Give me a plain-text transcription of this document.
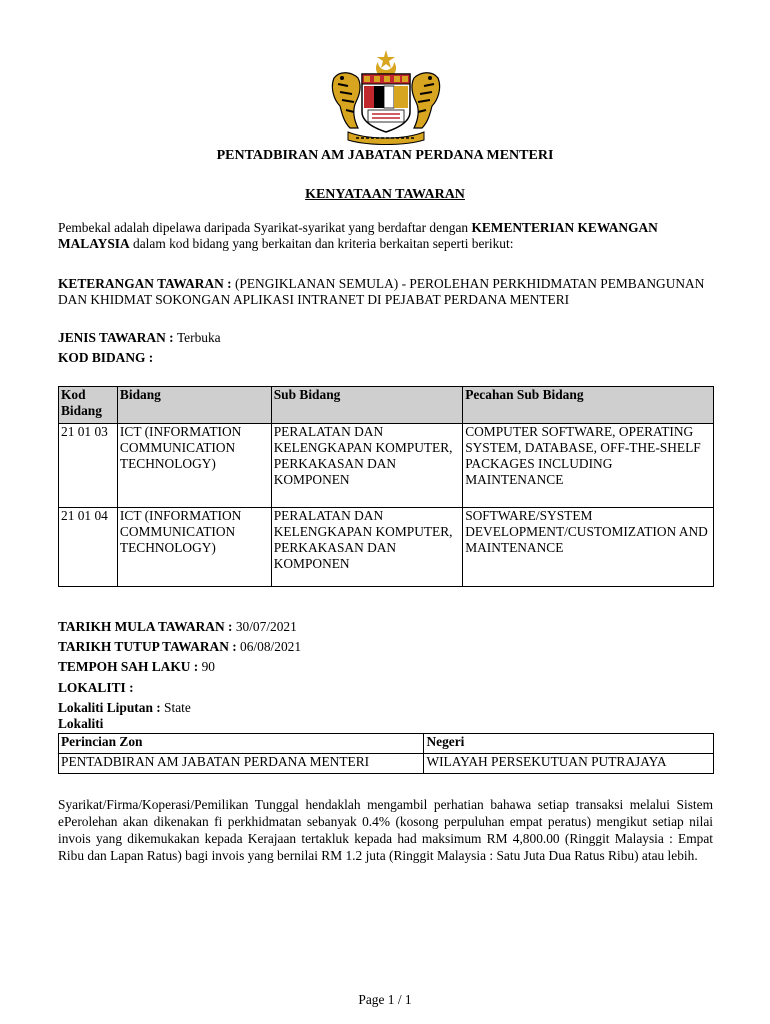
PENTADBIRAN AM JABATAN PERDANA MENTERI
KENYATAAN TAWARAN
Pembekal adalah dipelawa daripada Syarikat-syarikat yang berdaftar dengan KEMENTERIAN KEWANGAN MALAYSIA dalam kod bidang yang berkaitan dan kriteria berkaitan seperti berikut:
KETERANGAN TAWARAN : (PENGIKLANAN SEMULA) - PEROLEHAN PERKHIDMATAN PEMBANGUNAN DAN KHIDMAT SOKONGAN APLIKASI INTRANET DI PEJABAT PERDANA MENTERI
JENIS TAWARAN : Terbuka
KOD BIDANG :
Kod Bidang	Bidang	Sub Bidang	Pecahan Sub Bidang
21 01 03	ICT (INFORMATION COMMUNICATION TECHNOLOGY)	PERALATAN DAN KELENGKAPAN KOMPUTER, PERKAKASAN DAN KOMPONEN	COMPUTER SOFTWARE, OPERATING SYSTEM, DATABASE, OFF-THE-SHELF PACKAGES INCLUDING MAINTENANCE
21 01 04	ICT (INFORMATION COMMUNICATION TECHNOLOGY)	PERALATAN DAN KELENGKAPAN KOMPUTER, PERKAKASAN DAN KOMPONEN	SOFTWARE/SYSTEM DEVELOPMENT/CUSTOMIZATION AND MAINTENANCE
TARIKH MULA TAWARAN : 30/07/2021
TARIKH TUTUP TAWARAN : 06/08/2021
TEMPOH SAH LAKU : 90
LOKALITI :
Lokaliti Liputan : State
Lokaliti
Perincian Zon	Negeri
PENTADBIRAN AM JABATAN PERDANA MENTERI	WILAYAH PERSEKUTUAN PUTRAJAYA
Syarikat/Firma/Koperasi/Pemilikan Tunggal hendaklah mengambil perhatian bahawa setiap transaksi melalui Sistem ePerolehan akan dikenakan fi perkhidmatan sebanyak 0.4% (kosong perpuluhan empat peratus) mengikut setiap nilai invois yang dikemukakan kepada Kerajaan tertakluk kepada had maksimum RM 4,800.00 (Ringgit Malaysia : Empat Ribu dan Lapan Ratus) bagi invois yang bernilai RM 1.2 juta (Ringgit Malaysia : Satu Juta Dua Ratus Ribu) atau lebih.
Page 1 / 1
